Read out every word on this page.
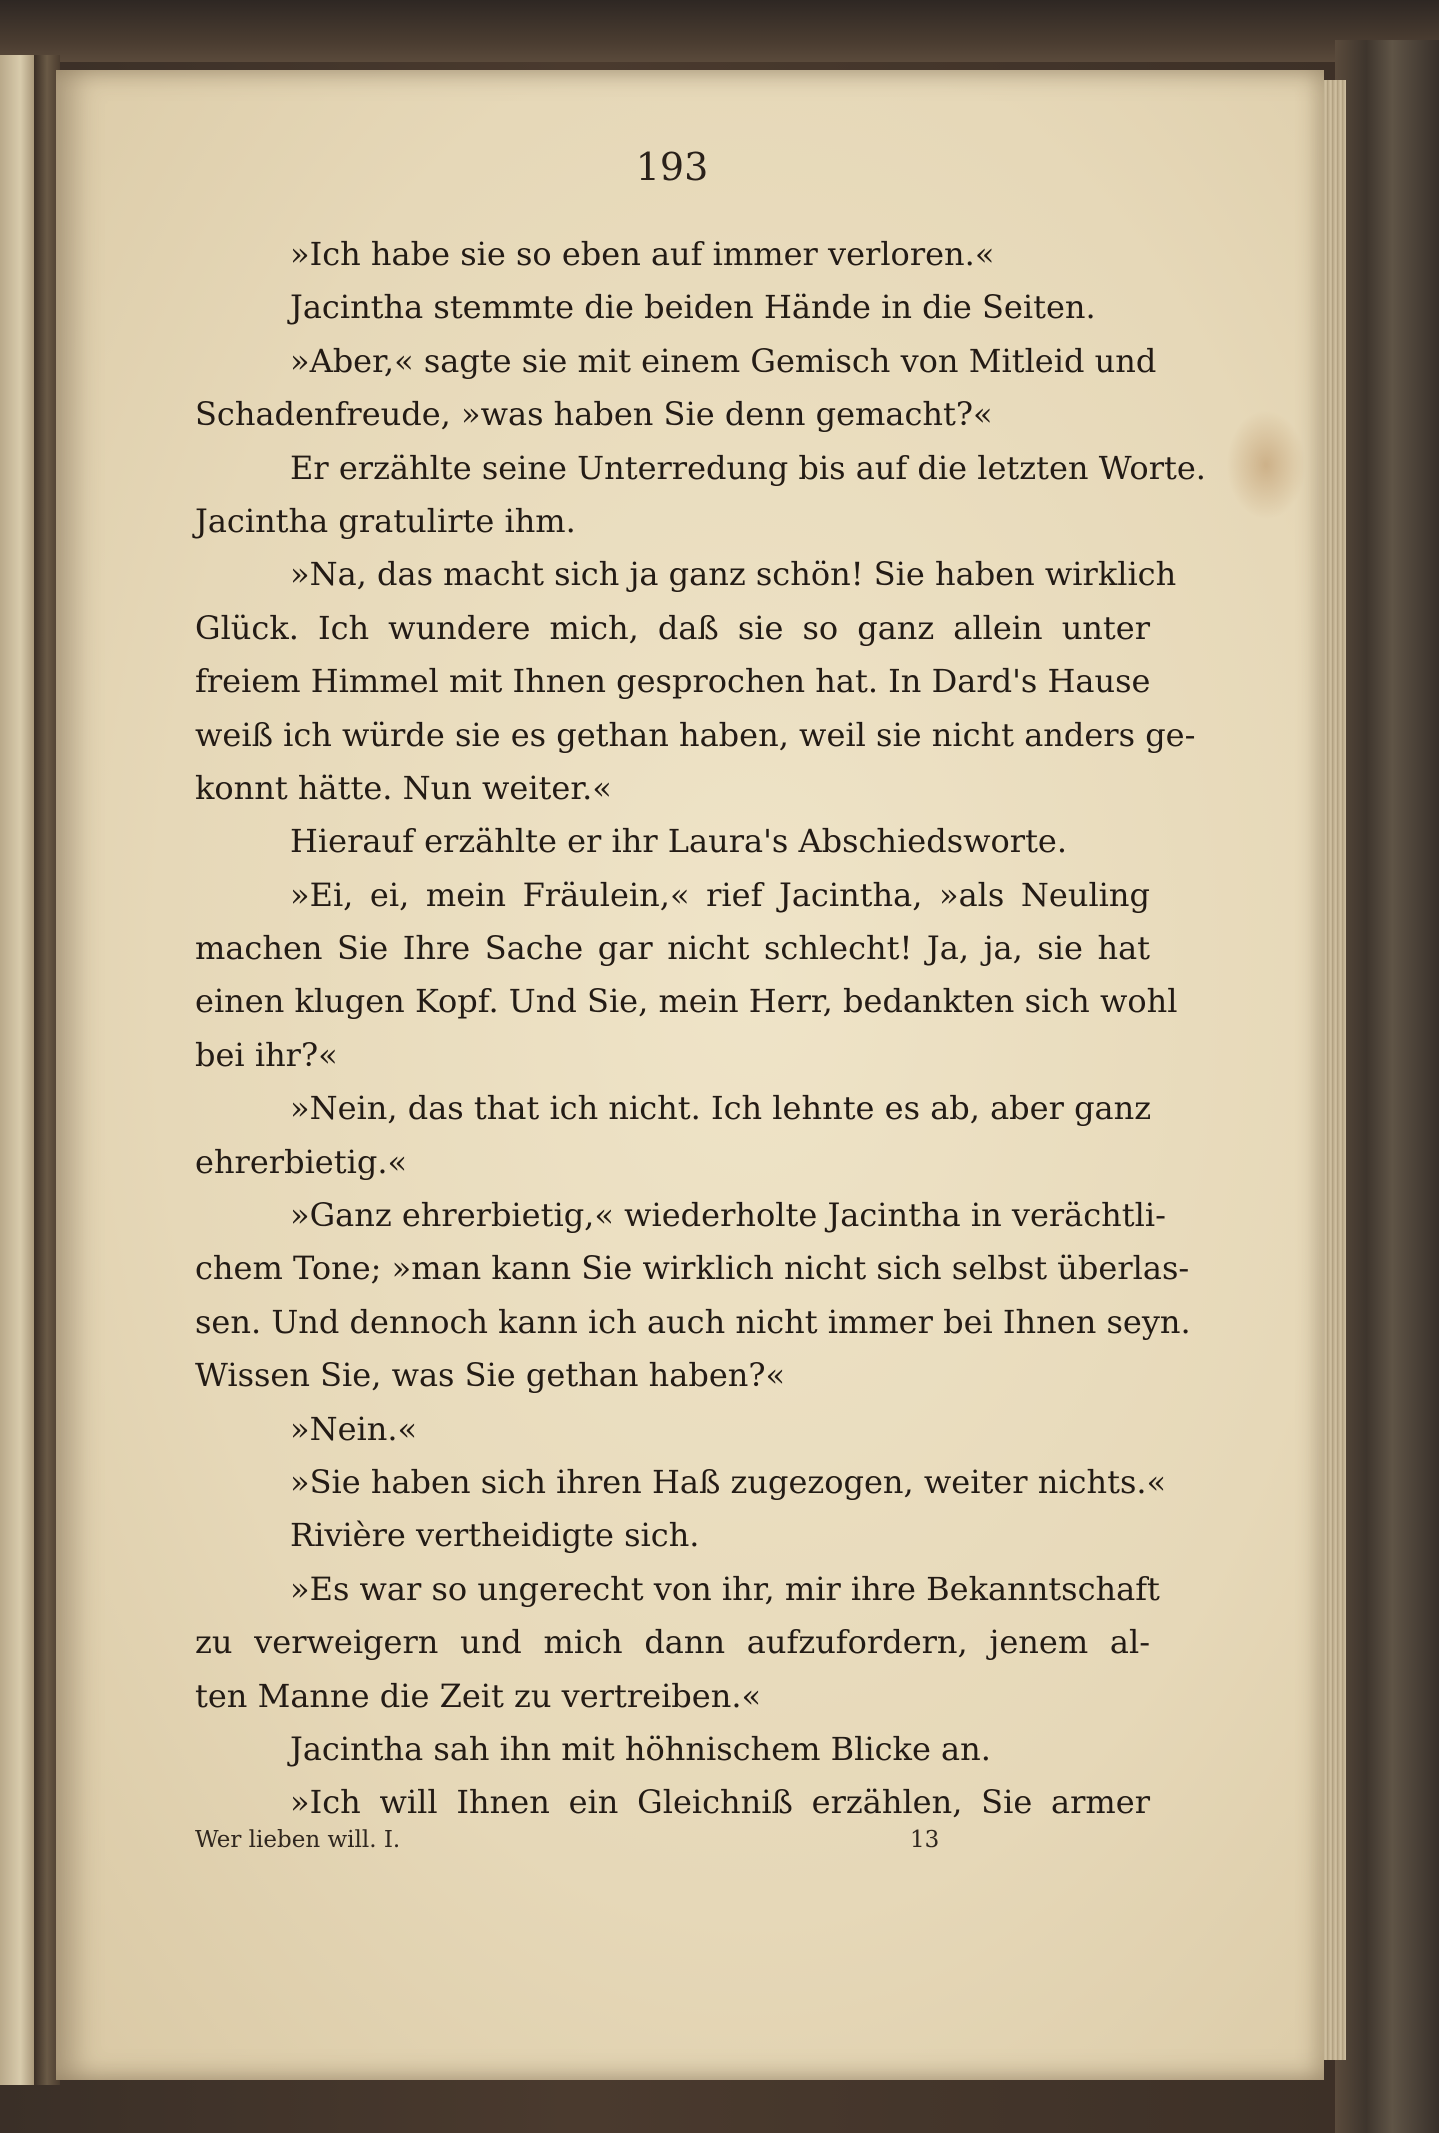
193
»Ich habe sie so eben auf immer verloren.«
Jacintha stemmte die beiden Hände in die Seiten.
»Aber,« sagte sie mit einem Gemisch von Mitleid und
Schadenfreude, »was haben Sie denn gemacht?«
Er erzählte seine Unterredung bis auf die letzten Worte.
Jacintha gratulirte ihm.
»Na, das macht sich ja ganz schön! Sie haben wirklich
Glück. Ich wundere mich, daß sie so ganz allein unter
freiem Himmel mit Ihnen gesprochen hat. In Dard's Hause
weiß ich würde sie es gethan haben, weil sie nicht anders ge-
konnt hätte. Nun weiter.«
Hierauf erzählte er ihr Laura's Abschiedsworte.
»Ei, ei, mein Fräulein,« rief Jacintha, »als Neuling
machen Sie Ihre Sache gar nicht schlecht! Ja, ja, sie hat
einen klugen Kopf. Und Sie, mein Herr, bedankten sich wohl
bei ihr?«
»Nein, das that ich nicht. Ich lehnte es ab, aber ganz
ehrerbietig.«
»Ganz ehrerbietig,« wiederholte Jacintha in verächtli-
chem Tone; »man kann Sie wirklich nicht sich selbst überlas-
sen. Und dennoch kann ich auch nicht immer bei Ihnen seyn.
Wissen Sie, was Sie gethan haben?«
»Nein.«
»Sie haben sich ihren Haß zugezogen, weiter nichts.«
Rivière vertheidigte sich.
»Es war so ungerecht von ihr, mir ihre Bekanntschaft
zu verweigern und mich dann aufzufordern, jenem al-
ten Manne die Zeit zu vertreiben.«
Jacintha sah ihn mit höhnischem Blicke an.
»Ich will Ihnen ein Gleichniß erzählen, Sie armer
Wer lieben will. I.	13
